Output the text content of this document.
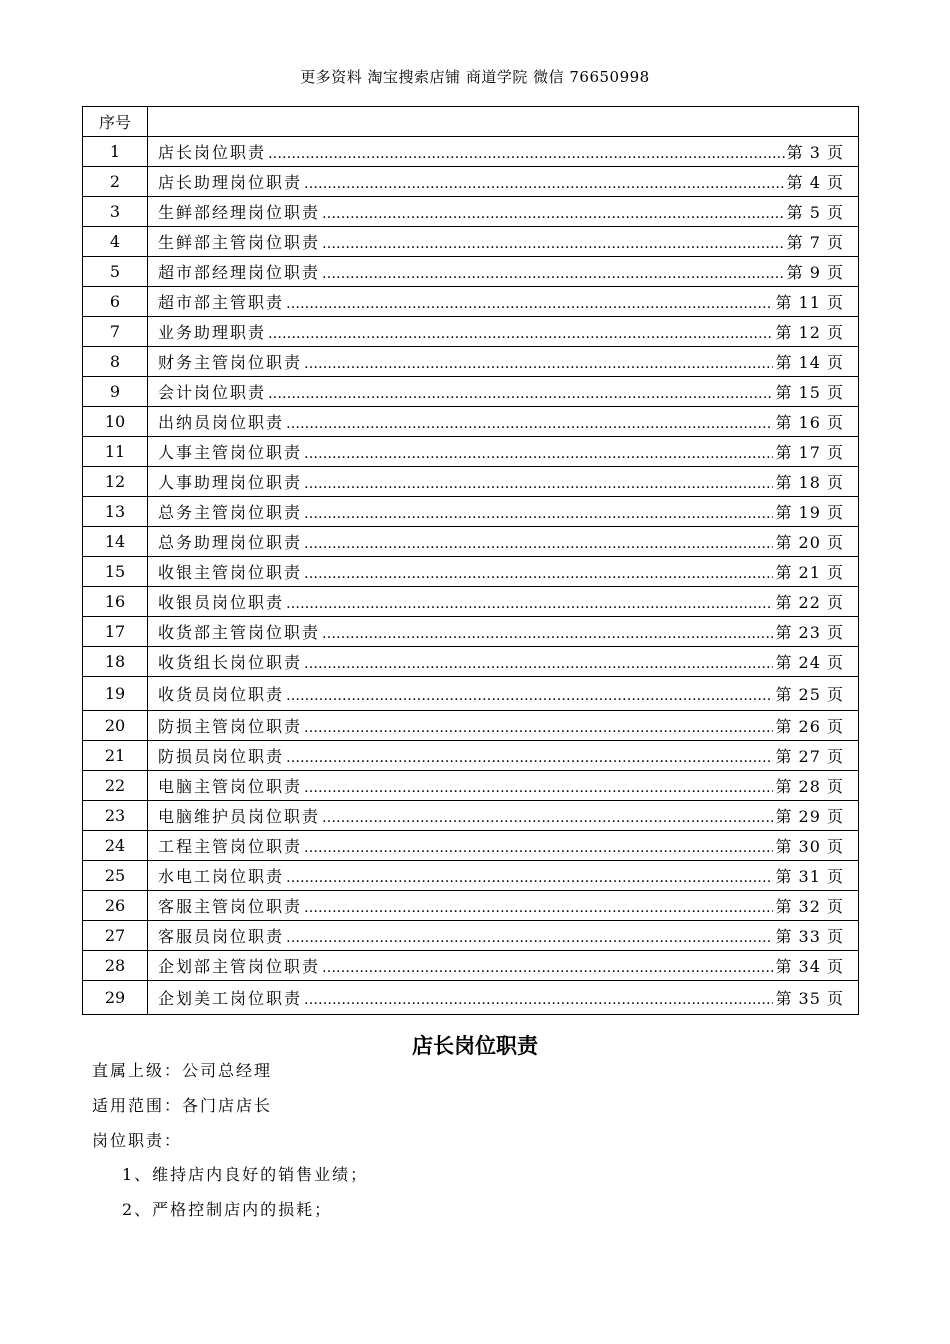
更多资料 淘宝搜索店铺 商道学院 微信 76650998
序号	
1	店长岗位职责 ………………………………………………………………………………………………………………………… 第 3 页

2	店长助理岗位职责 ………………………………………………………………………………………………………………………… 第 4 页

3	生鲜部经理岗位职责 ………………………………………………………………………………………………………………………… 第 5 页

4	生鲜部主管岗位职责 ………………………………………………………………………………………………………………………… 第 7 页

5	超市部经理岗位职责 ………………………………………………………………………………………………………………………… 第 9 页

6	超市部主管职责 ………………………………………………………………………………………………………………………… 第 11 页

7	业务助理职责 ………………………………………………………………………………………………………………………… 第 12 页

8	财务主管岗位职责 ………………………………………………………………………………………………………………………… 第 14 页

9	会计岗位职责 ………………………………………………………………………………………………………………………… 第 15 页

10	出纳员岗位职责 ………………………………………………………………………………………………………………………… 第 16 页

11	人事主管岗位职责 ………………………………………………………………………………………………………………………… 第 17 页

12	人事助理岗位职责 ………………………………………………………………………………………………………………………… 第 18 页

13	总务主管岗位职责 ………………………………………………………………………………………………………………………… 第 19 页

14	总务助理岗位职责 ………………………………………………………………………………………………………………………… 第 20 页

15	收银主管岗位职责 ………………………………………………………………………………………………………………………… 第 21 页

16	收银员岗位职责 ………………………………………………………………………………………………………………………… 第 22 页

17	收货部主管岗位职责 ………………………………………………………………………………………………………………………… 第 23 页

18	收货组长岗位职责 ………………………………………………………………………………………………………………………… 第 24 页

19	收货员岗位职责 ………………………………………………………………………………………………………………………… 第 25 页

20	防损主管岗位职责 ………………………………………………………………………………………………………………………… 第 26 页

21	防损员岗位职责 ………………………………………………………………………………………………………………………… 第 27 页

22	电脑主管岗位职责 ………………………………………………………………………………………………………………………… 第 28 页

23	电脑维护员岗位职责 ………………………………………………………………………………………………………………………… 第 29 页

24	工程主管岗位职责 ………………………………………………………………………………………………………………………… 第 30 页

25	水电工岗位职责 ………………………………………………………………………………………………………………………… 第 31 页

26	客服主管岗位职责 ………………………………………………………………………………………………………………………… 第 32 页

27	客服员岗位职责 ………………………………………………………………………………………………………………………… 第 33 页

28	企划部主管岗位职责 ………………………………………………………………………………………………………………………… 第 34 页

29	企划美工岗位职责 ………………………………………………………………………………………………………………………… 第 35 页
店长岗位职责
直属上级：公司总经理
适用范围：各门店店长
岗位职责：
1、维持店内良好的销售业绩；
2、严格控制店内的损耗；
